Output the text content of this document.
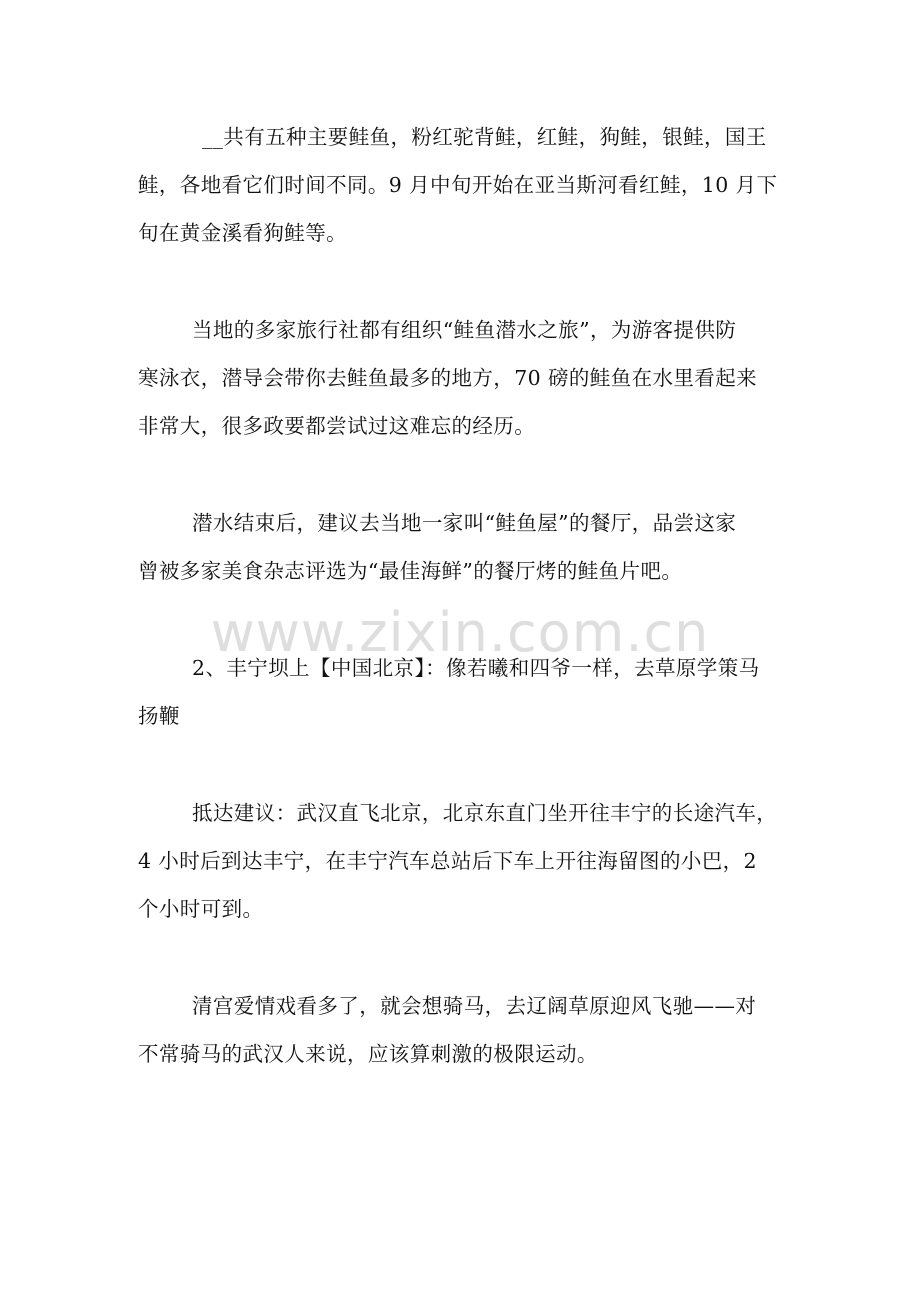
__共有五种主要鲑鱼，粉红驼背鲑，红鲑，狗鲑，银鲑，国王
鲑，各地看它们时间不同。9 月中旬开始在亚当斯河看红鲑，10 月下
旬在黄金溪看狗鲑等。
当地的多家旅行社都有组织“鲑鱼潜水之旅”，为游客提供防
寒泳衣，潜导会带你去鲑鱼最多的地方，70 磅的鲑鱼在水里看起来
非常大，很多政要都尝试过这难忘的经历。
潜水结束后，建议去当地一家叫“鲑鱼屋”的餐厅，品尝这家
曾被多家美食杂志评选为“最佳海鲜”的餐厅烤的鲑鱼片吧。
2、丰宁坝上【中国北京】：像若曦和四爷一样，去草原学策马
扬鞭
抵达建议：武汉直飞北京，北京东直门坐开往丰宁的长途汽车，
4 小时后到达丰宁，在丰宁汽车总站后下车上开往海留图的小巴，2
个小时可到。
清宫爱情戏看多了，就会想骑马，去辽阔草原迎风飞驰——对
不常骑马的武汉人来说，应该算刺激的极限运动。
www.zixin.com.cn
